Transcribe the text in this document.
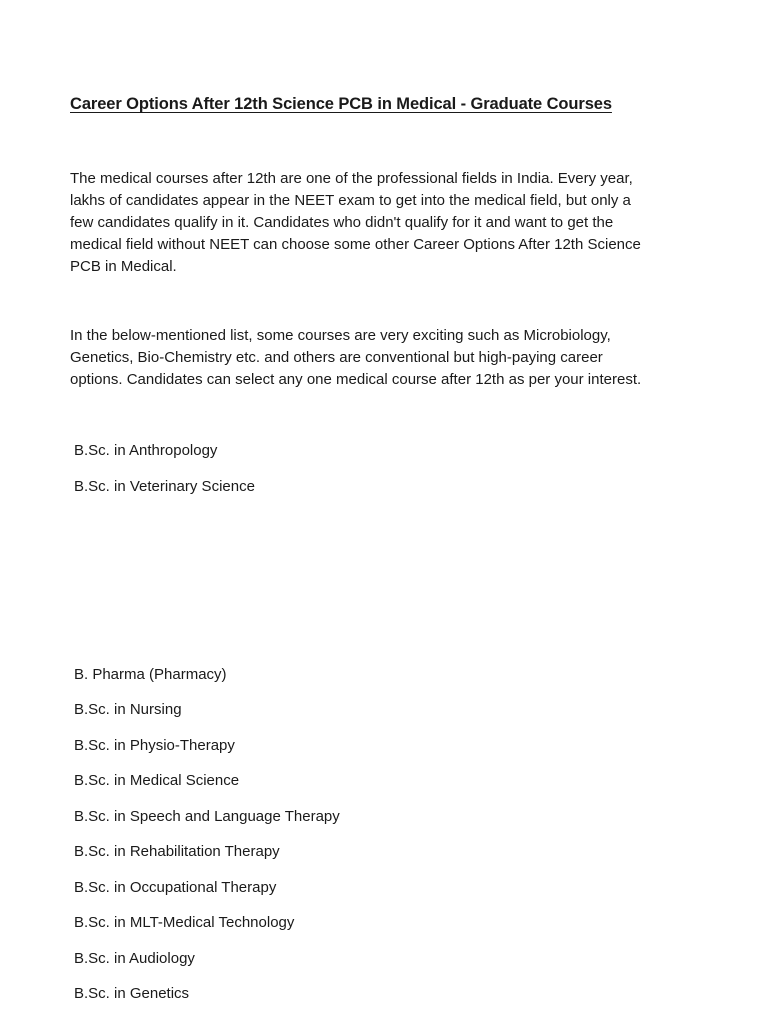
Career Options After 12th Science PCB in Medical - Graduate Courses

The medical courses after 12th are one of the professional fields in India. Every year,
lakhs of candidates appear in the NEET exam to get into the medical field, but only a
few candidates qualify in it. Candidates who didn't qualify for it and want to get the
medical field without NEET can choose some other Career Options After 12th Science
PCB in Medical.

In the below-mentioned list, some courses are very exciting such as Microbiology,
Genetics, Bio-Chemistry etc. and others are conventional but high-paying career
options. Candidates can select any one medical course after 12th as per your interest.

B.Sc. in Anthropology

B.Sc. in Veterinary Science

B. Pharma (Pharmacy)

B.Sc. in Nursing

B.Sc. in Physio-Therapy

B.Sc. in Medical Science

B.Sc. in Speech and Language Therapy

B.Sc. in Rehabilitation Therapy

B.Sc. in Occupational Therapy

B.Sc. in MLT-Medical Technology

B.Sc. in Audiology

B.Sc. in Genetics
